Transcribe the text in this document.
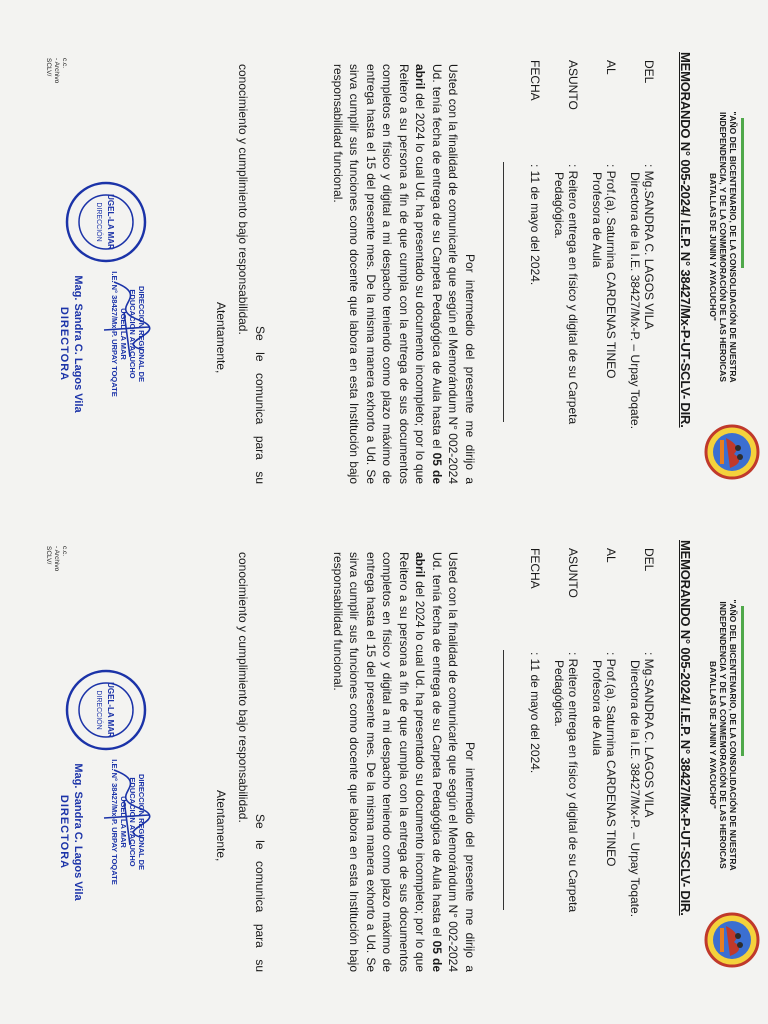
"AÑO DEL BICENTENARIO, DE LA CONSOLIDACIÓN DE NUESTRA INDEPENDENCIA, Y DE LA CONMEMORACIÓN DE LAS HEROICAS BATALLAS DE JUNIN Y AYACUCHO"
MEMORANDO N° 005-2024/ I.E.P. N° 38427/Mx-P-UT-SCLV- DIR.
DEL
: Mg.SANDRA C. LAGOS VILA
Directora de la I.E. 38427/Mx-P. – Urpay Toqate.
AL
: Prof.(a). Saturnina CARDENAS TINEO
Profesora de Aula
ASUNTO
: Reitero entrega en físico y digital de su Carpeta
Pedagógica.
FECHA
: 11 de mayo del 2024.
Por intermedio del presente me dirijo a Usted con la finalidad de comunicarle que según el Memorándum N° 002-2024 Ud. tenía fecha de entrega de su Carpeta Pedagógica de Aula hasta el 05 de abril del 2024 lo cual Ud. ha presentado su documento incompleto; por lo que Reitero a su persona a fin de que cumpla con la entrega de sus documentos completos en físico y digital a mi despacho teniendo como plazo máximo de entrega hasta el 15 del presente mes. De la misma manera exhorto a Ud. Se sirva cumplir sus funciones como docente que labora en esta Institución bajo responsabilidad funcional.
Se le comunica para su conocimiento y cumplimiento bajo responsabilidad.
Atentamente,
UGEL-LA MAR
DIRECCIÓN
DIRECCION REGIONAL DE EDUCACION AYACUCHO
UGEL LA MAR
I.E. N° 38427/Mx-P. URPAY TOQATE
Mag. Sandra C. Lagos Vila
DIRECTORA
c.c.
- Archivo
SCLV/
"AÑO DEL BICENTENARIO, DE LA CONSOLIDACIÓN DE NUESTRA INDEPENDENCIA Y DE LA CONMEMORACIÓN DE LAS HEROICAS BATALLAS DE JUNIN Y AYACUCHO"
MEMORANDO N° 005-2024/ I.E.P. N° 38427/Mx-P-UT-SCLV- DIR.
DEL
: Mg.SANDRA C. LAGOS VILA
Directora de la I.E. 38427/Mx-P. – Urpay Toqate.
AL
: Prof.(a). Saturnina CARDENAS TINEO
Profesora de Aula
ASUNTO
: Reitero entrega en físico y digital de su Carpeta
Pedagógica.
FECHA
: 11 de mayo del 2024.
Por intermedio del presente me dirijo a Usted con la finalidad de comunicarle que según el Memorándum N° 002-2024 Ud. tenía fecha de entrega de su Carpeta Pedagógica de Aula hasta el 05 de abril del 2024 lo cual Ud. ha presentado su documento incompleto; por lo que Reitero a su persona a fin de que cumpla con la entrega de sus documentos completos en físico y digital a mi despacho teniendo como plazo máximo de entrega hasta el 15 del presente mes. De la misma manera exhorto a Ud. Se sirva cumplir sus funciones como docente que labora en esta Institución bajo responsabilidad funcional.
Se le comunica para su conocimiento y cumplimiento bajo responsabilidad.
Atentamente,
UGEL-LA MAR
DIRECCIÓN
DIRECCION REGIONAL DE EDUCACION AYACUCHO
UGEL LA MAR
I.E. N° 38427/Mx-P. URPAY TOQATE
Mag. Sandra C. Lagos Vila
DIRECTORA
c.c.
- Archivo
SCLV/
